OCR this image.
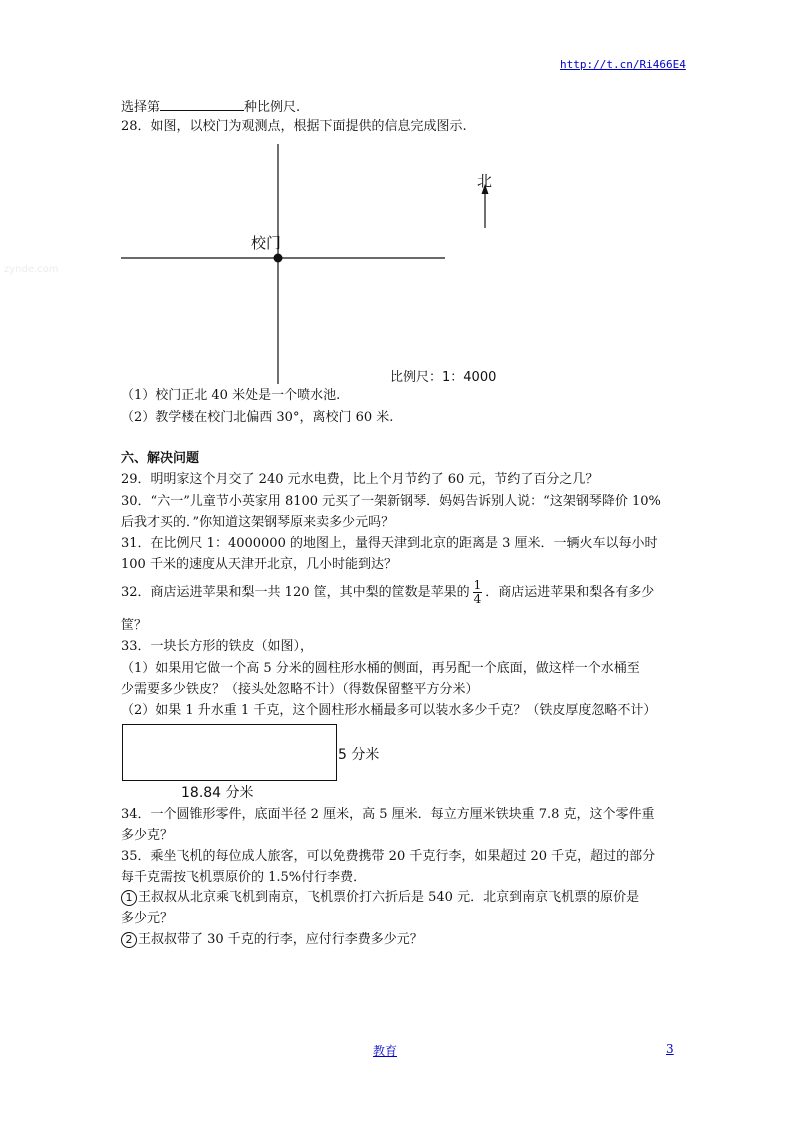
http://t.cn/Ri466E4
选择第	种比例尺.
28．如图，以校门为观测点，根据下面提供的信息完成图示.
校门
zynde.com
北
比例尺：1：4000
（1）校门正北 40 米处是一个喷水池.
（2）教学楼在校门北偏西 30°，离校门 60 米.
六、解决问题
29．明明家这个月交了 240 元水电费，比上个月节约了 60 元，节约了百分之几？
30．“六一”儿童节小英家用 8100 元买了一架新钢琴．妈妈告诉别人说：“这架钢琴降价 10%
后我才买的．”你知道这架钢琴原来卖多少元吗？
31．在比例尺 1：4000000 的地图上，量得天津到北京的距离是 3 厘米．一辆火车以每小时
100 千米的速度从天津开北京，几小时能到达？
32．商店运进苹果和梨一共 120 筐，其中梨的筐数是苹果的 $\frac{1}{4}$ ．商店运进苹果和梨各有多少
筐？
33．一块长方形的铁皮（如图），
（1）如果用它做一个高 5 分米的圆柱形水桶的侧面，再另配一个底面，做这样一个水桶至
少需要多少铁皮？（接头处忽略不计）（得数保留整平方分米）
（2）如果 1 升水重 1 千克，这个圆柱形水桶最多可以装水多少千克？（铁皮厚度忽略不计）
5 分米
18.84 分米
34．一个圆锥形零件，底面半径 2 厘米，高 5 厘米．每立方厘米铁块重 7.8 克，这个零件重
多少克？
35．乘坐飞机的每位成人旅客，可以免费携带 20 千克行李，如果超过 20 千克，超过的部分
每千克需按飞机票原价的 1.5%付行李费．
1 王叔叔从北京乘飞机到南京，飞机票价打六折后是 540 元．北京到南京飞机票的原价是
多少元？
2 王叔叔带了 30 千克的行李，应付行李费多少元？
教育	3
